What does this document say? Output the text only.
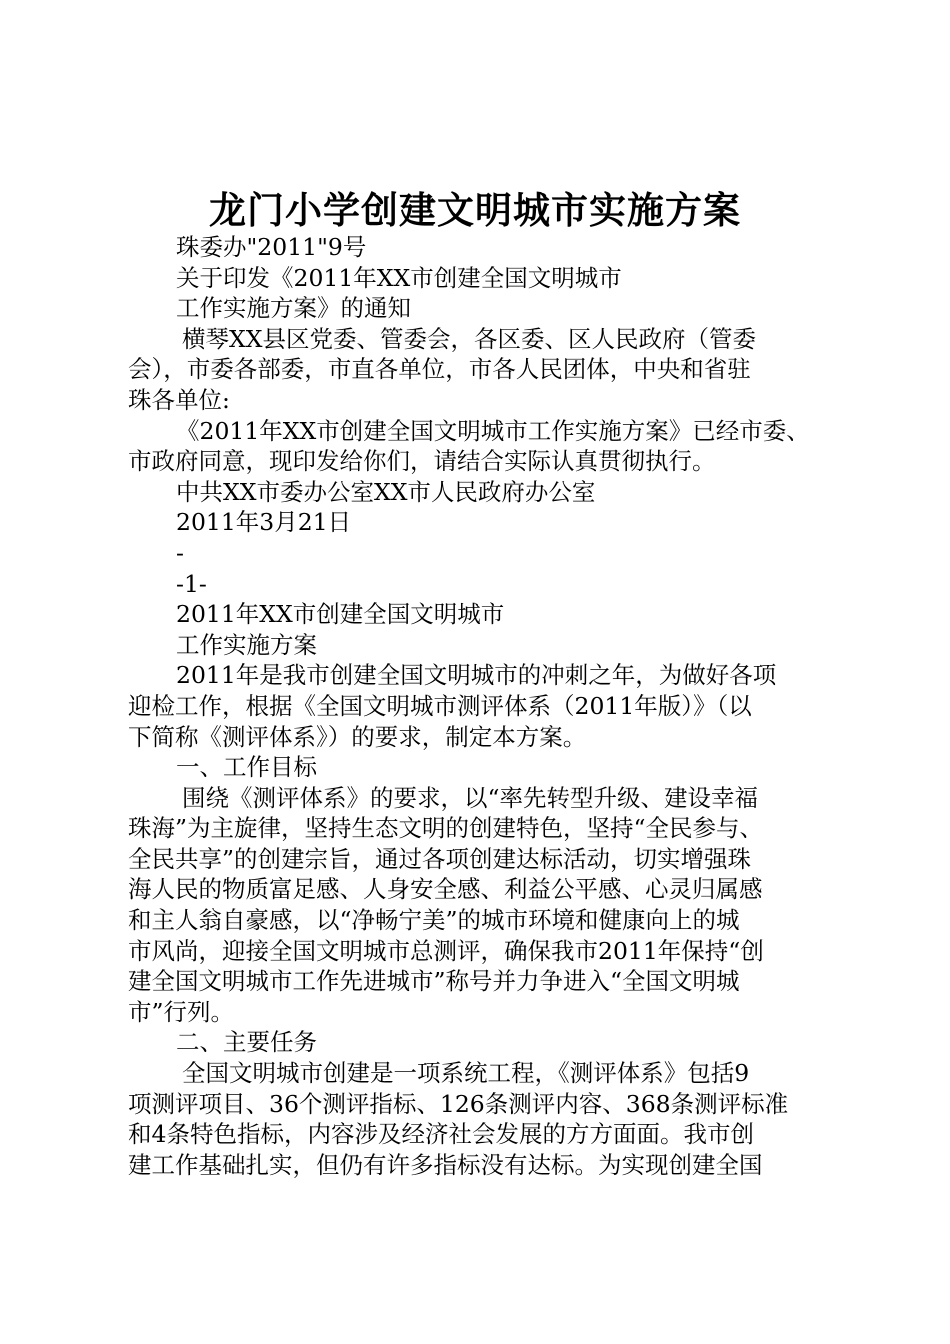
龙门小学创建文明城市实施方案
珠委办"2011"9号
关于印发《2011年XX市创建全国文明城市
工作实施方案》的通知
横琴XX县区党委、管委会，各区委、区人民政府（管委
会），市委各部委，市直各单位，市各人民团体，中央和省驻
珠各单位:
《2011年XX市创建全国文明城市工作实施方案》已经市委、
市政府同意，现印发给你们，请结合实际认真贯彻执行。
中共XX市委办公室XX市人民政府办公室
2011年3月21日
-
-1-
2011年XX市创建全国文明城市
工作实施方案
2011年是我市创建全国文明城市的冲刺之年，为做好各项
迎检工作，根据《全国文明城市测评体系（2011年版）》（以
下简称《测评体系》）的要求，制定本方案。
一、工作目标
围绕《测评体系》的要求，以“率先转型升级、建设幸福
珠海”为主旋律，坚持生态文明的创建特色，坚持“全民参与、
全民共享”的创建宗旨，通过各项创建达标活动，切实增强珠
海人民的物质富足感、人身安全感、利益公平感、心灵归属感
和主人翁自豪感，以“净畅宁美”的城市环境和健康向上的城
市风尚，迎接全国文明城市总测评，确保我市2011年保持“创
建全国文明城市工作先进城市”称号并力争进入“全国文明城
市”行列。
二、主要任务
全国文明城市创建是一项系统工程，《测评体系》包括9
项测评项目、36个测评指标、126条测评内容、368条测评标准
和4条特色指标，内容涉及经济社会发展的方方面面。我市创
建工作基础扎实，但仍有许多指标没有达标。为实现创建全国
